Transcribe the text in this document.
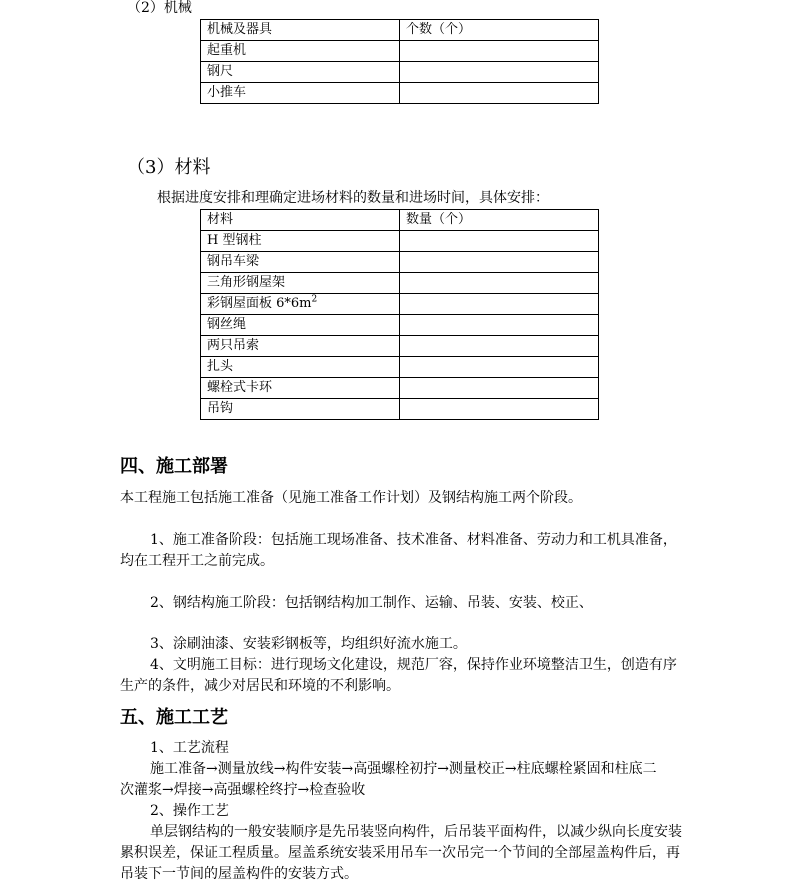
（2）机械
机械及器具	个数（个）
起重机	
钢尺	
小推车	
（3）材料
根据进度安排和理确定进场材料的数量和进场时间，具体安排：
材料	数量（个）
H 型钢柱	
钢吊车梁	
三角形钢屋架	
彩钢屋面板 $6*6m^2$	
钢丝绳	
两只吊索	
扎头	
螺栓式卡环	
吊钩	
四、施工部署
本工程施工包括施工准备（见施工准备工作计划）及钢结构施工两个阶段。
1、施工准备阶段：包括施工现场准备、技术准备、材料准备、劳动力和工机具准备，
均在工程开工之前完成。
2、钢结构施工阶段：包括钢结构加工制作、运输、吊装、安装、校正、
3、涂刷油漆、安装彩钢板等，均组织好流水施工。
4、文明施工目标：进行现场文化建设，规范厂容，保持作业环境整洁卫生，创造有序
生产的条件，减少对居民和环境的不利影响。
五、施工工艺
1、工艺流程
施工准备→测量放线→构件安装→高强螺栓初拧→测量校正→柱底螺栓紧固和柱底二
次灌浆→焊接→高强螺栓终拧→检查验收
2、操作工艺
单层钢结构的一般安装顺序是先吊装竖向构件，后吊装平面构件，以减少纵向长度安装
累积误差，保证工程质量。屋盖系统安装采用吊车一次吊完一个节间的全部屋盖构件后，再
吊装下一节间的屋盖构件的安装方式。
